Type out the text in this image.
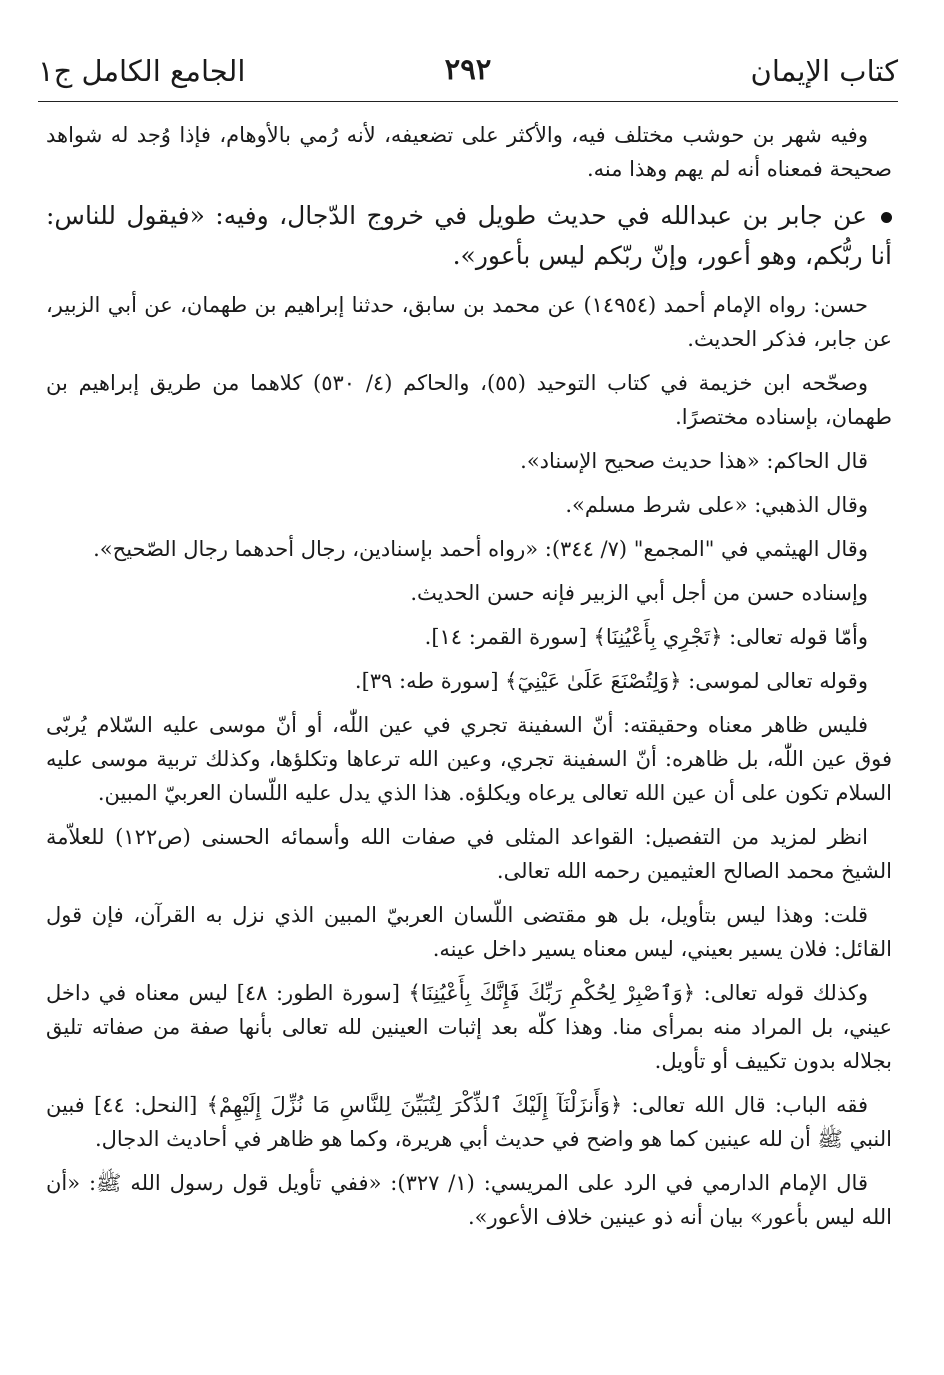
كتاب الإيمان
٢٩٢
الجامع الكامل ج١

وفيه شهر بن حوشب مختلف فيه، والأكثر على تضعيفه، لأنه رُمي بالأوهام، فإذا وُجد له شواهد صحيحة فمعناه أنه لم يهم وهذا منه.

عن جابر بن عبدالله في حديث طويل في خروج الدّجال، وفيه: «فيقول للناس: أنا ربُّكم، وهو أعور، وإنّ ربّكم ليس بأعور».

حسن: رواه الإمام أحمد (١٤٩٥٤) عن محمد بن سابق، حدثنا إبراهيم بن طهمان، عن أبي الزبير، عن جابر، فذكر الحديث.

وصحّحه ابن خزيمة في كتاب التوحيد (٥٥)، والحاكم (٤/ ٥٣٠) كلاهما من طريق إبراهيم بن طهمان، بإسناده مختصرًا.

قال الحاكم: «هذا حديث صحيح الإسناد».

وقال الذهبي: «على شرط مسلم».

وقال الهيثمي في "المجمع" (٧/ ٣٤٤): «رواه أحمد بإسنادين، رجال أحدهما رجال الصّحيح».

وإسناده حسن من أجل أبي الزبير فإنه حسن الحديث.

وأمّا قوله تعالى: ﴿تَجْرِي بِأَعْيُنِنَا﴾ [سورة القمر: ١٤].

وقوله تعالى لموسى: ﴿وَلِتُصْنَعَ عَلَىٰ عَيْنِيٓ﴾ [سورة طه: ٣٩].

فليس ظاهر معناه وحقيقته: أنّ السفينة تجري في عين اللّٰه، أو أنّ موسى عليه السّلام يُربّى فوق عين اللّٰه، بل ظاهره: أنّ السفينة تجري، وعين الله ترعاها وتكلؤها، وكذلك تربية موسى عليه السلام تكون على أن عين الله تعالى يرعاه ويكلؤه. هذا الذي يدل عليه اللّسان العربيّ المبين.

انظر لمزيد من التفصيل: القواعد المثلى في صفات الله وأسمائه الحسنى (ص١٢٢) للعلاّمة الشيخ محمد الصالح العثيمين رحمه الله تعالى.

قلت: وهذا ليس بتأويل، بل هو مقتضى اللّسان العربيّ المبين الذي نزل به القرآن، فإن قول القائل: فلان يسير بعيني، ليس معناه يسير داخل عينه.

وكذلك قوله تعالى: ﴿وَٱصْبِرْ لِحُكْمِ رَبِّكَ فَإِنَّكَ بِأَعْيُنِنَا﴾ [سورة الطور: ٤٨] ليس معناه في داخل عيني، بل المراد منه بمرأى منا. وهذا كلّه بعد إثبات العينين لله تعالى بأنها صفة من صفاته تليق بجلاله بدون تكييف أو تأويل.

فقه الباب: قال الله تعالى: ﴿وَأَنزَلْنَآ إِلَيْكَ ٱلذِّكْرَ لِتُبَيِّنَ لِلنَّاسِ مَا نُزِّلَ إِلَيْهِمْ﴾ [النحل: ٤٤] فبين النبي ﷺ أن لله عينين كما هو واضح في حديث أبي هريرة، وكما هو ظاهر في أحاديث الدجال.

قال الإمام الدارمي في الرد على المريسي: (١/ ٣٢٧): «ففي تأويل قول رسول الله ﷺ: «أن الله ليس بأعور» بيان أنه ذو عينين خلاف الأعور».
